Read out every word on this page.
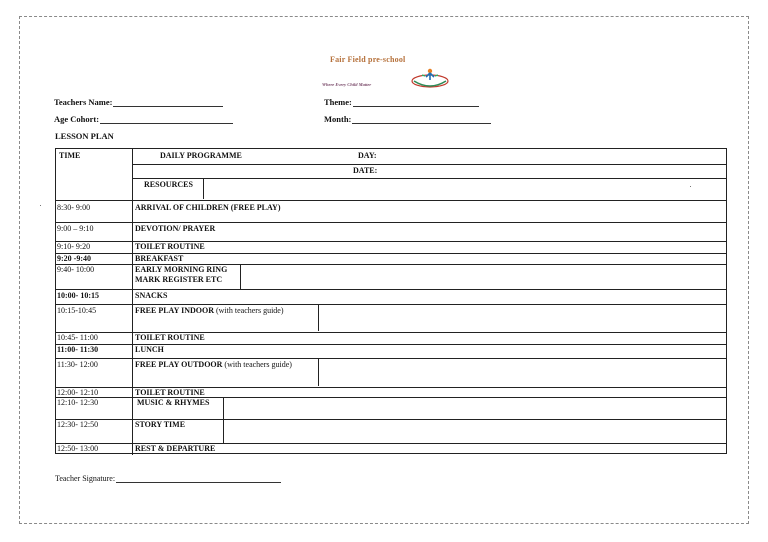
Fair Field pre-school
Where Every Child Matter
Teachers Name:	Theme:
Age Cohort:	Month:
LESSON PLAN
TIME	DAILY PROGRAMME	DAY:
DATE:
RESOURCES
8:30- 9:00	ARRIVAL OF CHILDREN (FREE PLAY)
9:00 – 9:10	DEVOTION/ PRAYER
9:10- 9:20	TOILET ROUTINE
9:20 -9:40	BREAKFAST
9:40- 10:00	EARLY MORNING RING
MARK REGISTER ETC
10:00- 10:15	SNACKS
10:15-10:45	FREE PLAY INDOOR (with teachers guide)
10:45- 11:00	TOILET ROUTINE
11:00- 11:30	LUNCH
11:30- 12:00	FREE PLAY OUTDOOR (with teachers guide)
12:00- 12:10	TOILET ROUTINE
12:10- 12:30	MUSIC & RHYMES
12:30- 12:50	STORY TIME
12:50- 13:00	REST & DEPARTURE
Teacher Signature:
